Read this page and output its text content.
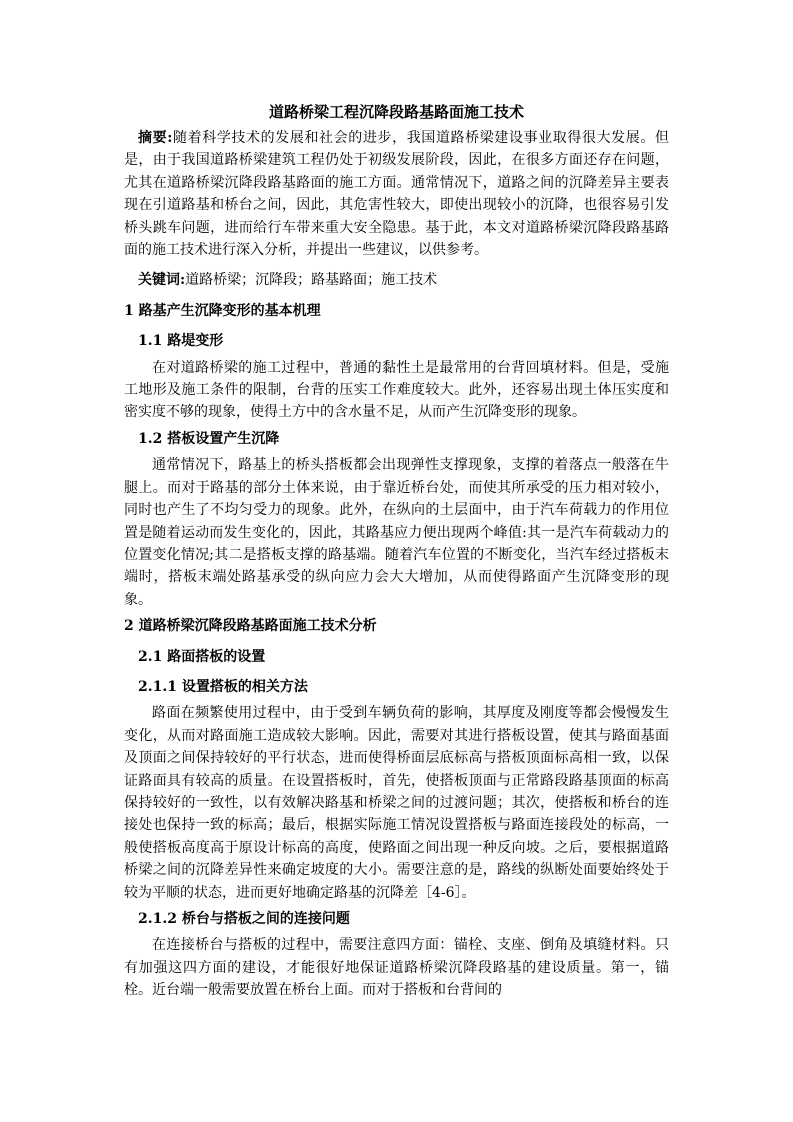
道路桥梁工程沉降段路基路面施工技术

摘要:随着科学技术的发展和社会的进步，我国道路桥梁建设事业取得很大发展。但是，由于我国道路桥梁建筑工程仍处于初级发展阶段，因此，在很多方面还存在问题，尤其在道路桥梁沉降段路基路面的施工方面。通常情况下，道路之间的沉降差异主要表现在引道路基和桥台之间，因此，其危害性较大，即使出现较小的沉降，也很容易引发桥头跳车问题，进而给行车带来重大安全隐患。基于此，本文对道路桥梁沉降段路基路面的施工技术进行深入分析，并提出一些建议，以供参考。

关键词:道路桥梁；沉降段；路基路面；施工技术

1 路基产生沉降变形的基本机理
1.1 路堤变形

在对道路桥梁的施工过程中，普通的黏性土是最常用的台背回填材料。但是，受施工地形及施工条件的限制，台背的压实工作难度较大。此外，还容易出现土体压实度和密实度不够的现象，使得土方中的含水量不足，从而产生沉降变形的现象。

1.2 搭板设置产生沉降

通常情况下，路基上的桥头搭板都会出现弹性支撑现象，支撑的着落点一般落在牛腿上。而对于路基的部分土体来说，由于靠近桥台处，而使其所承受的压力相对较小，同时也产生了不均匀受力的现象。此外，在纵向的土层面中，由于汽车荷载力的作用位置是随着运动而发生变化的，因此，其路基应力便出现两个峰值:其一是汽车荷载动力的位置变化情况;其二是搭板支撑的路基端。随着汽车位置的不断变化，当汽车经过搭板末端时，搭板末端处路基承受的纵向应力会大大增加，从而使得路面产生沉降变形的现象。

2 道路桥梁沉降段路基路面施工技术分析
2.1 路面搭板的设置
2.1.1 设置搭板的相关方法

路面在频繁使用过程中，由于受到车辆负荷的影响，其厚度及刚度等都会慢慢发生变化，从而对路面施工造成较大影响。因此，需要对其进行搭板设置，使其与路面基面及顶面之间保持较好的平行状态，进而使得桥面层底标高与搭板顶面标高相一致，以保证路面具有较高的质量。在设置搭板时，首先，使搭板顶面与正常路段路基顶面的标高保持较好的一致性，以有效解决路基和桥梁之间的过渡问题；其次，使搭板和桥台的连接处也保持一致的标高；最后，根据实际施工情况设置搭板与路面连接段处的标高，一般使搭板高度高于原设计标高的高度，使路面之间出现一种反向坡。之后，要根据道路桥梁之间的沉降差异性来确定坡度的大小。需要注意的是，路线的纵断处面要始终处于较为平顺的状态，进而更好地确定路基的沉降差［4-6］。

2.1.2 桥台与搭板之间的连接问题

在连接桥台与搭板的过程中，需要注意四方面：锚栓、支座、倒角及填缝材料。只有加强这四方面的建设，才能很好地保证道路桥梁沉降段路基的建设质量。第一，锚栓。近台端一般需要放置在桥台上面。而对于搭板和台背间的
